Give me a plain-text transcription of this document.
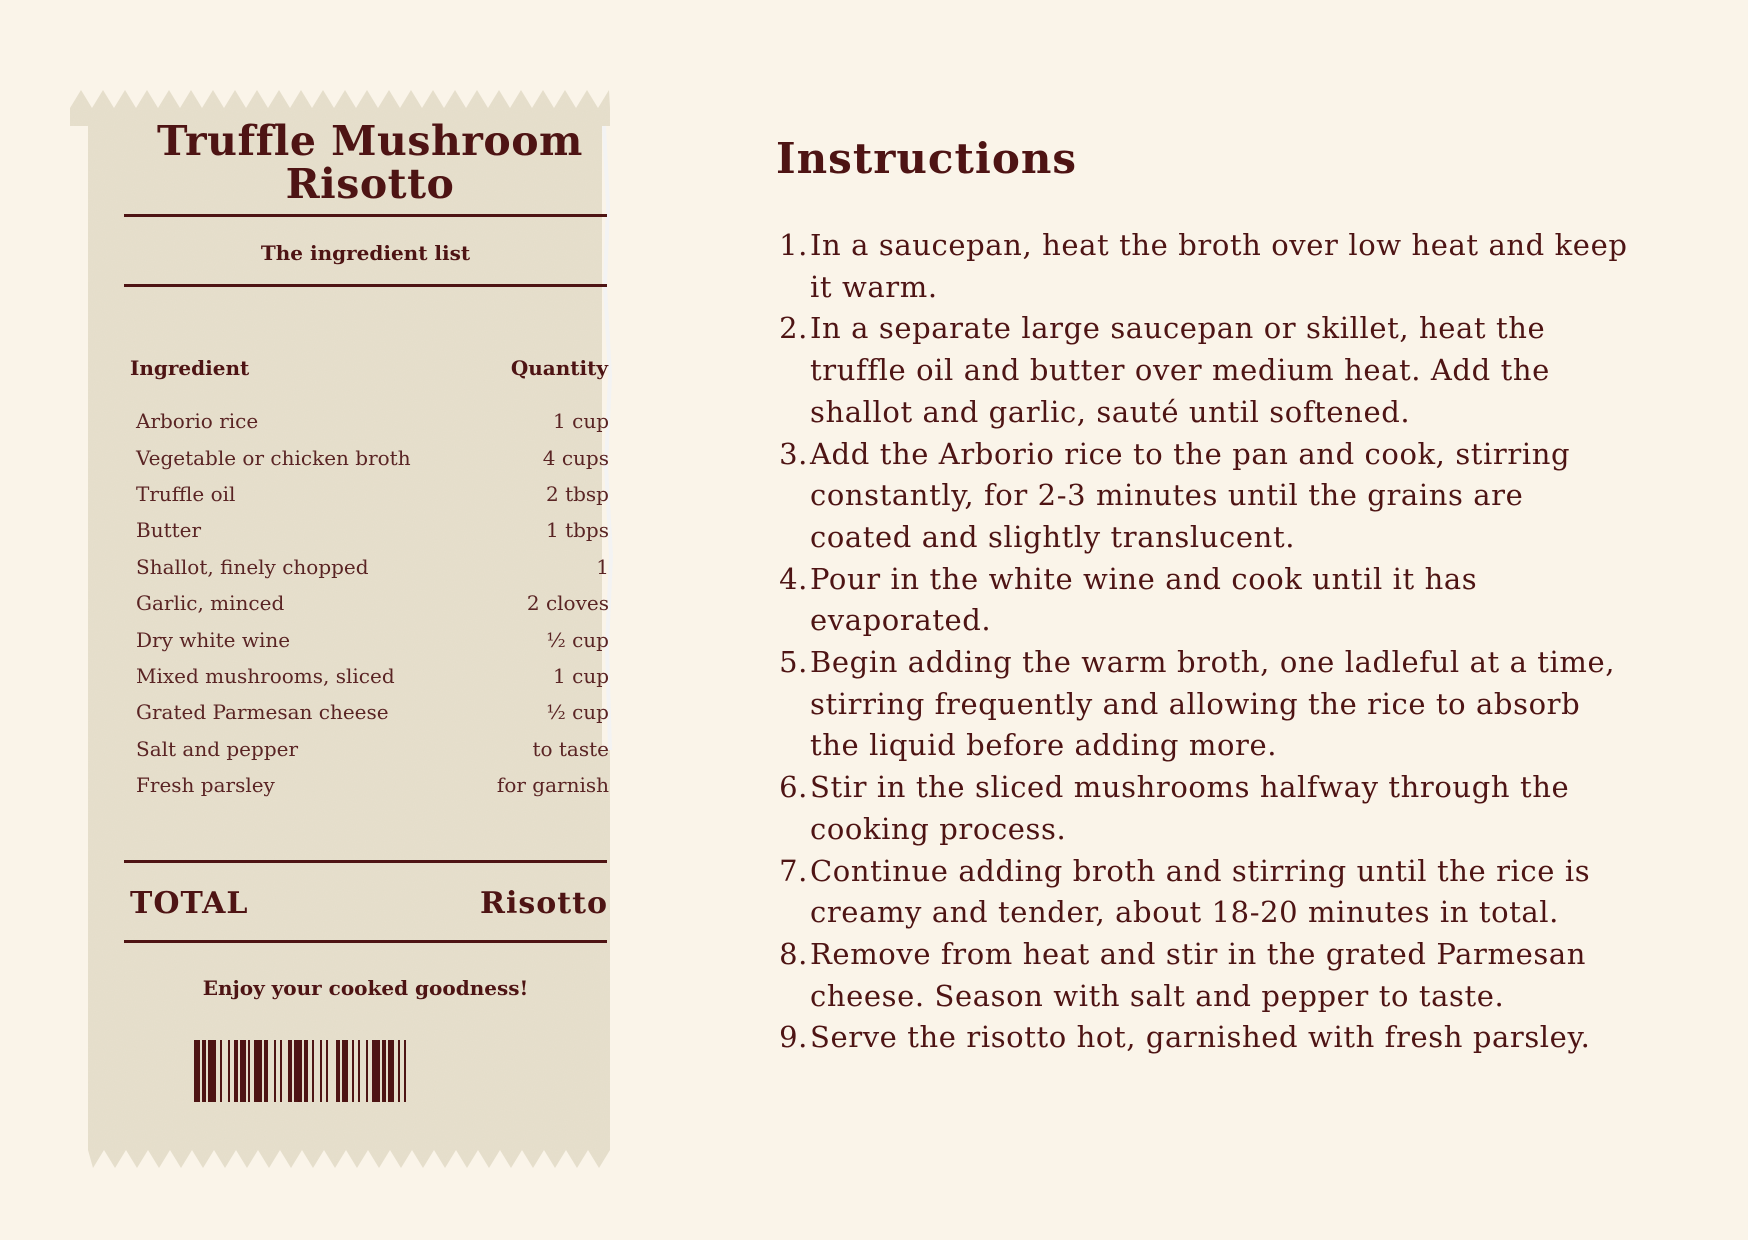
Truffle Mushroom
Risotto
The ingredient list
Ingredient	Quantity
Arborio rice	1 cup
Vegetable or chicken broth	4 cups
Truffle oil	2 tbsp
Butter	1 tbps
Shallot, finely chopped	1
Garlic, minced	2 cloves
Dry white wine	½ cup
Mixed mushrooms, sliced	1 cup
Grated Parmesan cheese	½ cup
Salt and pepper	to taste
Fresh parsley	for garnish
TOTAL	Risotto
Enjoy your cooked goodness!
Instructions
1. In a saucepan, heat the broth over low heat and keep it warm.
2. In a separate large saucepan or skillet, heat the truffle oil and butter over medium heat. Add the shallot and garlic, sauté until softened.
3. Add the Arborio rice to the pan and cook, stirring constantly, for 2-3 minutes until the grains are coated and slightly translucent.
4. Pour in the white wine and cook until it has evaporated.
5. Begin adding the warm broth, one ladleful at a time, stirring frequently and allowing the rice to absorb the liquid before adding more.
6. Stir in the sliced mushrooms halfway through the cooking process.
7. Continue adding broth and stirring until the rice is creamy and tender, about 18-20 minutes in total.
8. Remove from heat and stir in the grated Parmesan cheese. Season with salt and pepper to taste.
9. Serve the risotto hot, garnished with fresh parsley.
